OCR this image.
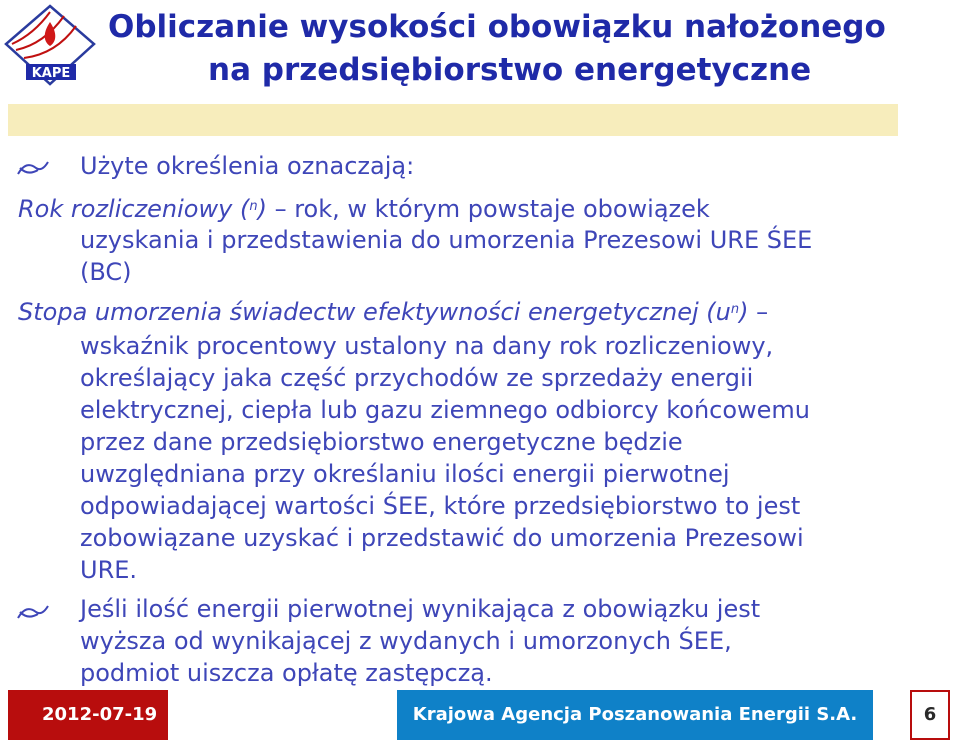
KAPE
Obliczanie wysokości obowiązku nałożonego
na przedsiębiorstwo energetyczne
Użyte określenia oznaczają:
Rok rozliczeniowy ($^n$) – rok, w którym powstaje obowiązek
uzyskania i przedstawienia do umorzenia Prezesowi URE ŚEE
(BC)
Stopa umorzenia świadectw efektywności energetycznej $(u^n)$ –
wskaźnik procentowy ustalony na dany rok rozliczeniowy,
określający jaka część przychodów ze sprzedaży energii
elektrycznej, ciepła lub gazu ziemnego odbiorcy końcowemu
przez dane przedsiębiorstwo energetyczne będzie
uwzględniana przy określaniu ilości energii pierwotnej
odpowiadającej wartości ŚEE, które przedsiębiorstwo to jest
zobowiązane uzyskać i przedstawić do umorzenia Prezesowi
URE.
Jeśli ilość energii pierwotnej wynikająca z obowiązku jest
wyższa od wynikającej z wydanych i umorzonych ŚEE,
podmiot uiszcza opłatę zastępczą.
2012-07-19	Krajowa Agencja Poszanowania Energii S.A.	6
